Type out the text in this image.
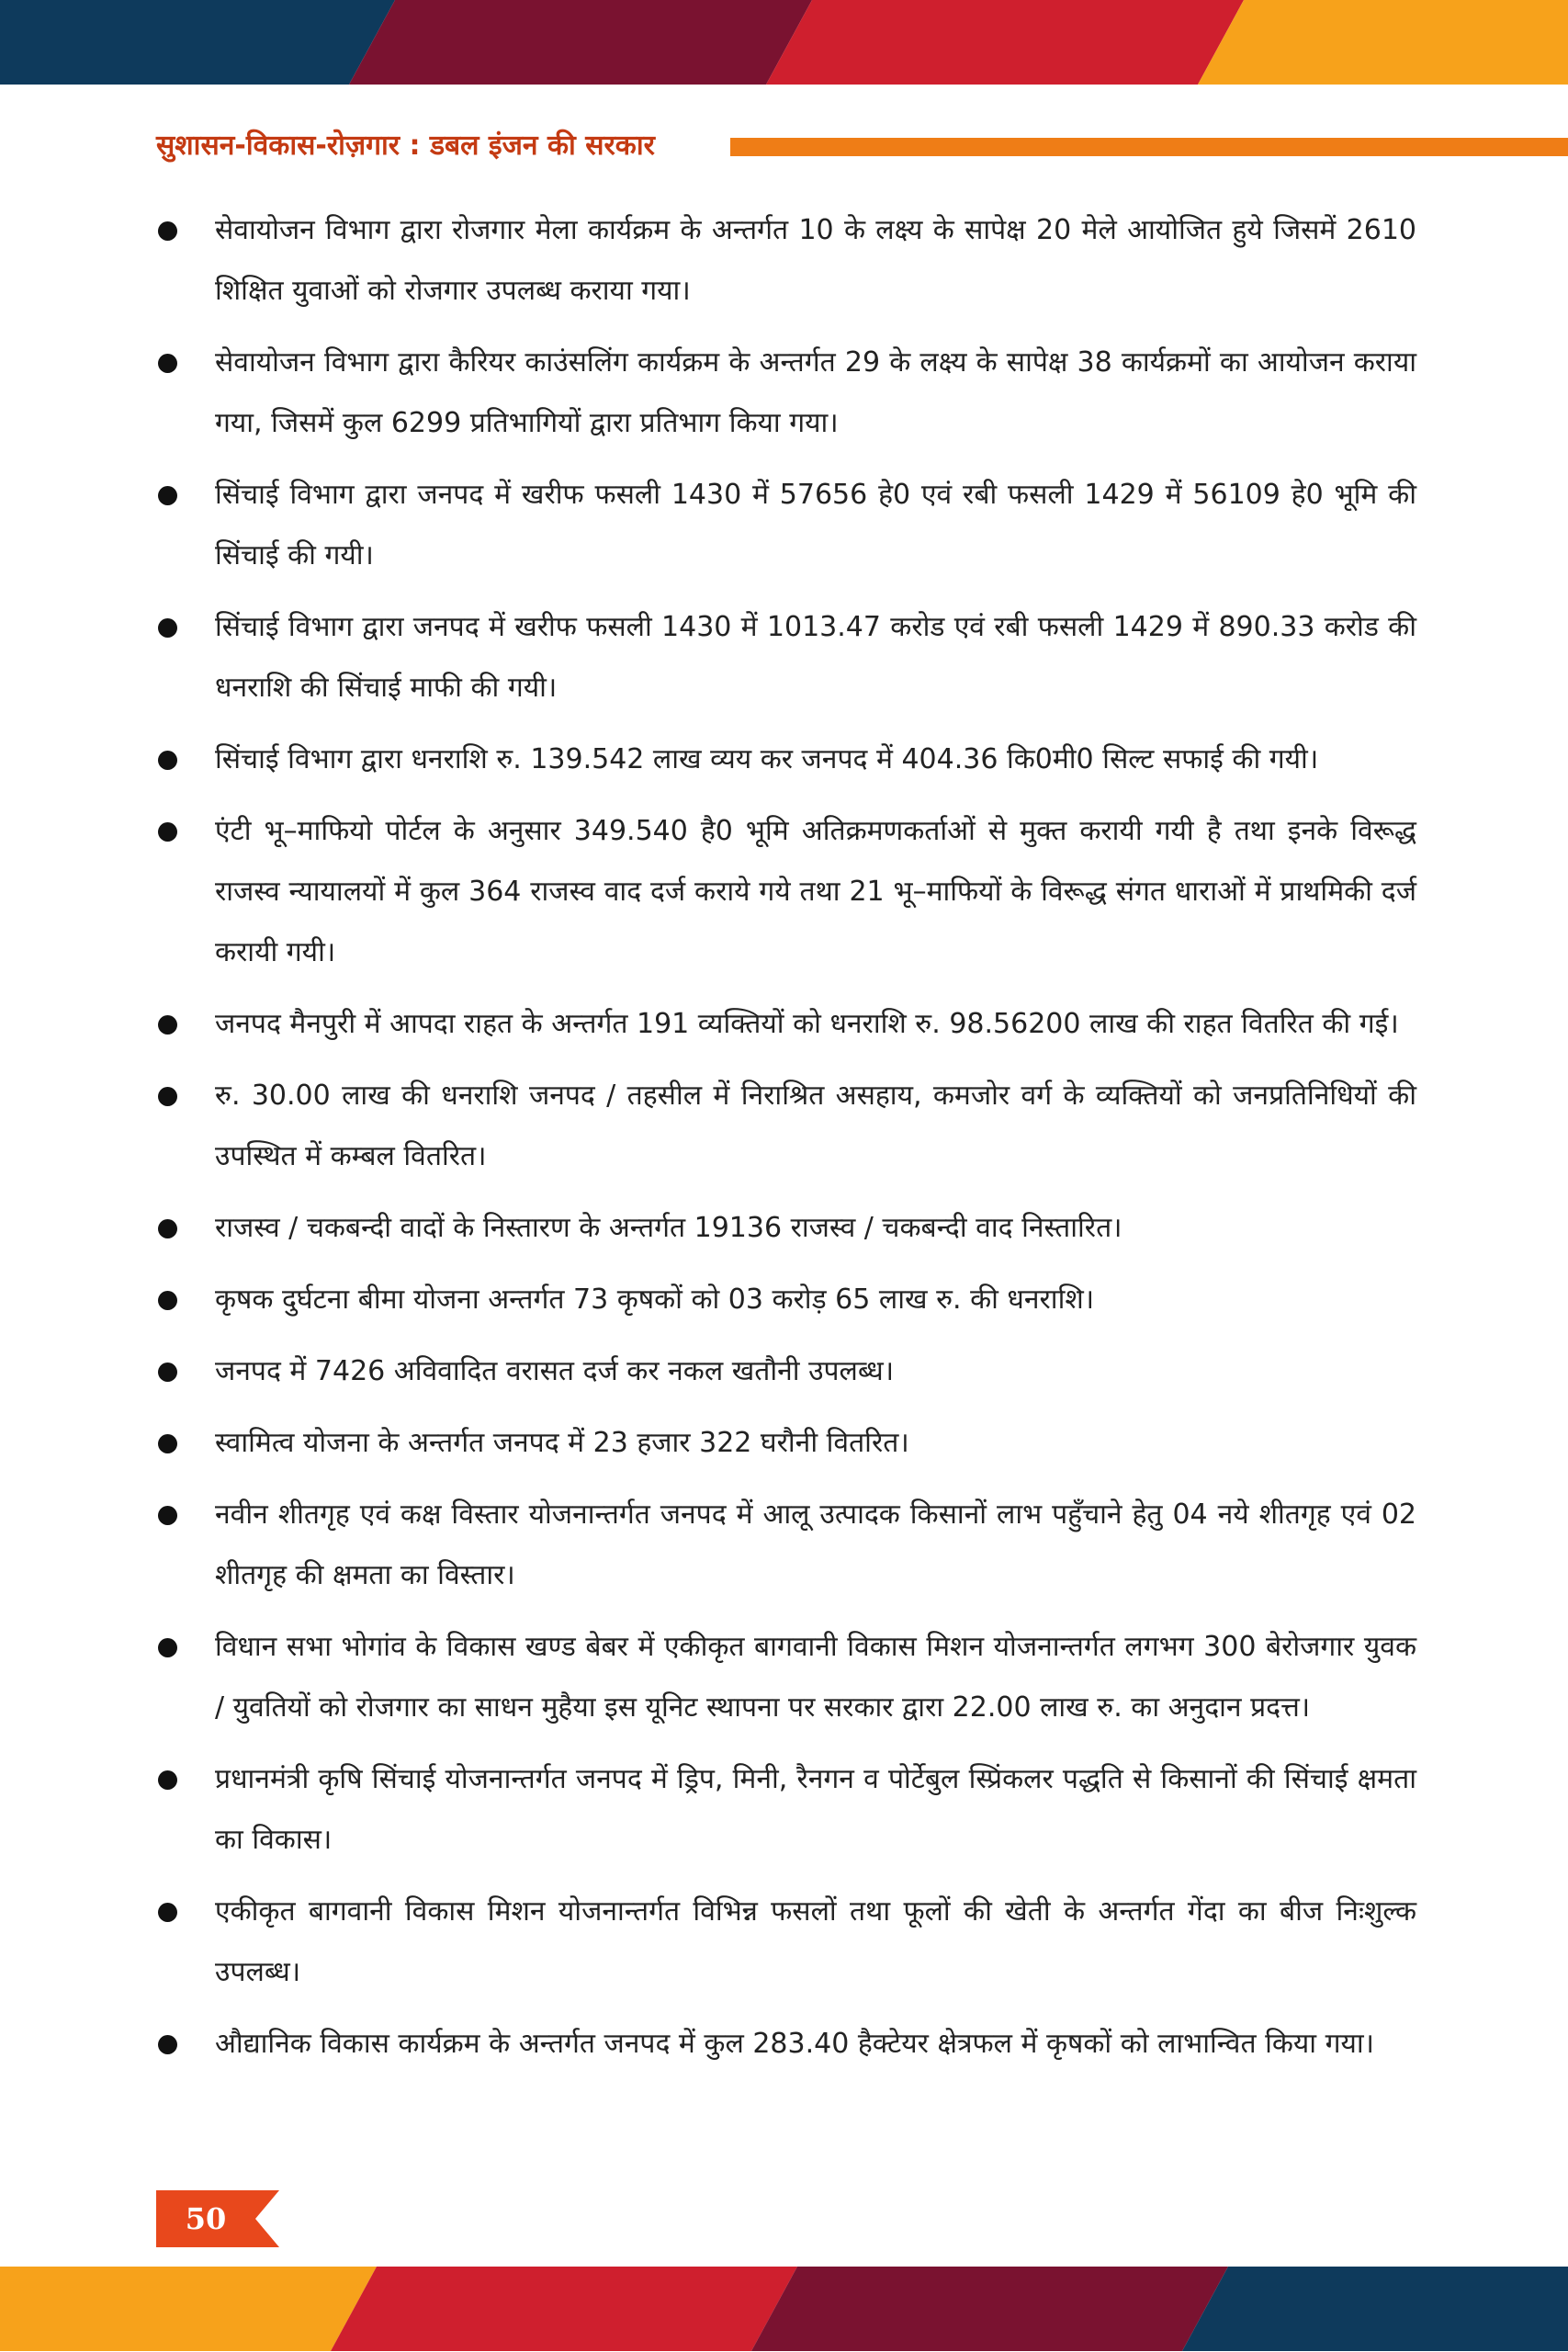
सुशासन-विकास-रोज़गार : डबल इंजन की सरकार
सेवायोजन विभाग द्वारा रोजगार मेला कार्यक्रम के अन्तर्गत 10 के लक्ष्य के सापेक्ष 20 मेले आयोजित हुये जिसमें 2610 शिक्षित युवाओं को रोजगार उपलब्ध कराया गया।
सेवायोजन विभाग द्वारा कैरियर काउंसलिंग कार्यक्रम के अन्तर्गत 29 के लक्ष्य के सापेक्ष 38 कार्यक्रमों का आयोजन कराया गया, जिसमें कुल 6299 प्रतिभागियों द्वारा प्रतिभाग किया गया।
सिंचाई विभाग द्वारा जनपद में खरीफ फसली 1430 में 57656 हे0 एवं रबी फसली 1429 में 56109 हे0 भूमि की सिंचाई की गयी।
सिंचाई विभाग द्वारा जनपद में खरीफ फसली 1430 में 1013.47 करोड एवं रबी फसली 1429 में 890.33 करोड की धनराशि की सिंचाई माफी की गयी।
सिंचाई विभाग द्वारा धनराशि रु. 139.542 लाख व्यय कर जनपद में 404.36 कि0मी0 सिल्ट सफाई की गयी।
एंटी भू–माफियो पोर्टल के अनुसार 349.540 है0 भूमि अतिक्रमणकर्ताओं से मुक्त करायी गयी है तथा इनके विरूद्ध राजस्व न्यायालयों में कुल 364 राजस्व वाद दर्ज कराये गये तथा 21 भू–माफियों के विरूद्ध संगत धाराओं में प्राथमिकी दर्ज करायी गयी।
जनपद मैनपुरी में आपदा राहत के अन्तर्गत 191 व्यक्तियों को धनराशि रु. 98.56200 लाख की राहत वितरित की गई।
रु. 30.00 लाख की धनराशि जनपद / तहसील में निराश्रित असहाय, कमजोर वर्ग के व्यक्तियों को जनप्रतिनिधियों की उपस्थित में कम्बल वितरित।
राजस्व / चकबन्दी वादों के निस्तारण के अन्तर्गत 19136 राजस्व / चकबन्दी वाद निस्तारित।
कृषक दुर्घटना बीमा योजना अन्तर्गत 73 कृषकों को 03 करोड़ 65 लाख रु. की धनराशि।
जनपद में 7426 अविवादित वरासत दर्ज कर नकल खतौनी उपलब्ध।
स्वामित्व योजना के अन्तर्गत जनपद में 23 हजार 322 घरौनी वितरित।
नवीन शीतगृह एवं कक्ष विस्तार योजनान्तर्गत जनपद में आलू उत्पादक किसानों लाभ पहुँचाने हेतु 04 नये शीतगृह एवं 02 शीतगृह की क्षमता का विस्तार।
विधान सभा भोगांव के विकास खण्ड बेबर में एकीकृत बागवानी विकास मिशन योजनान्तर्गत लगभग 300 बेरोजगार युवक / युवतियों को रोजगार का साधन मुहैया इस यूनिट स्थापना पर सरकार द्वारा 22.00 लाख रु. का अनुदान प्रदत्त।
प्रधानमंत्री कृषि सिंचाई योजनान्तर्गत जनपद में ड्रिप, मिनी, रैनगन व पोर्टेबुल स्प्रिंकलर पद्धति से किसानों की सिंचाई क्षमता का विकास।
एकीकृत बागवानी विकास मिशन योजनान्तर्गत विभिन्न फसलों तथा फूलों की खेती के अन्तर्गत गेंदा का बीज निःशुल्क उपलब्ध।
औद्यानिक विकास कार्यक्रम के अन्तर्गत जनपद में कुल 283.40 हैक्टेयर क्षेत्रफल में कृषकों को लाभान्वित किया गया।
50
